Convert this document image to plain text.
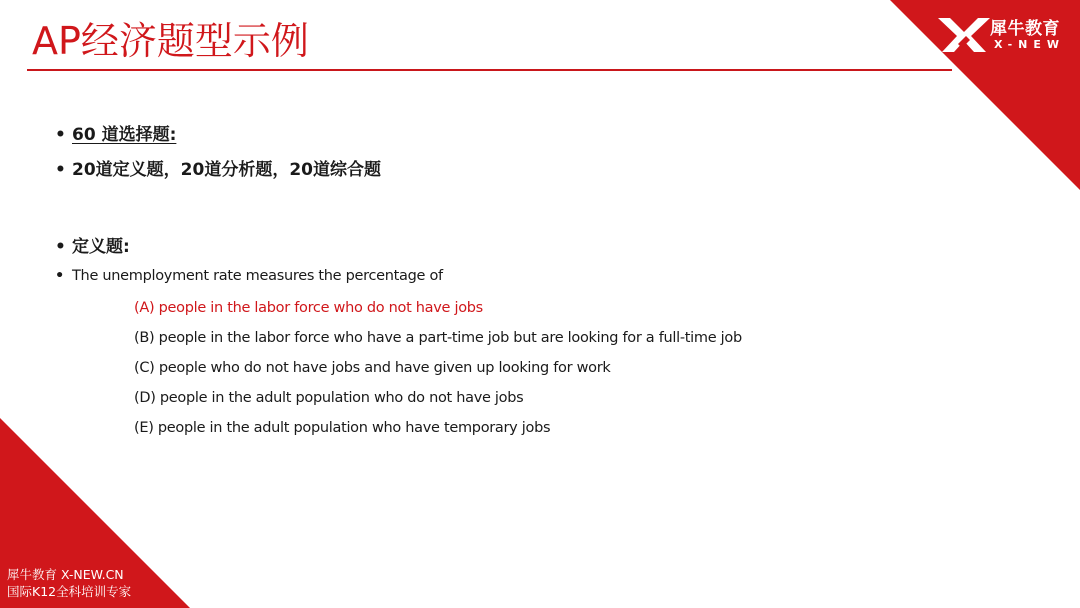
犀牛教育
X-NEW
AP经济题型示例
• 60 道选择题:
• 20道定义题，20道分析题，20道综合题
• 定义题:
• The unemployment rate measures the percentage of
(A) people in the labor force who do not have jobs
(B) people in the labor force who have a part-time job but are looking for a full-time job
(C) people who do not have jobs and have given up looking for work
(D) people in the adult population who do not have jobs
(E) people in the adult population who have temporary jobs
犀牛教育 X-NEW.CN
国际K12全科培训专家
